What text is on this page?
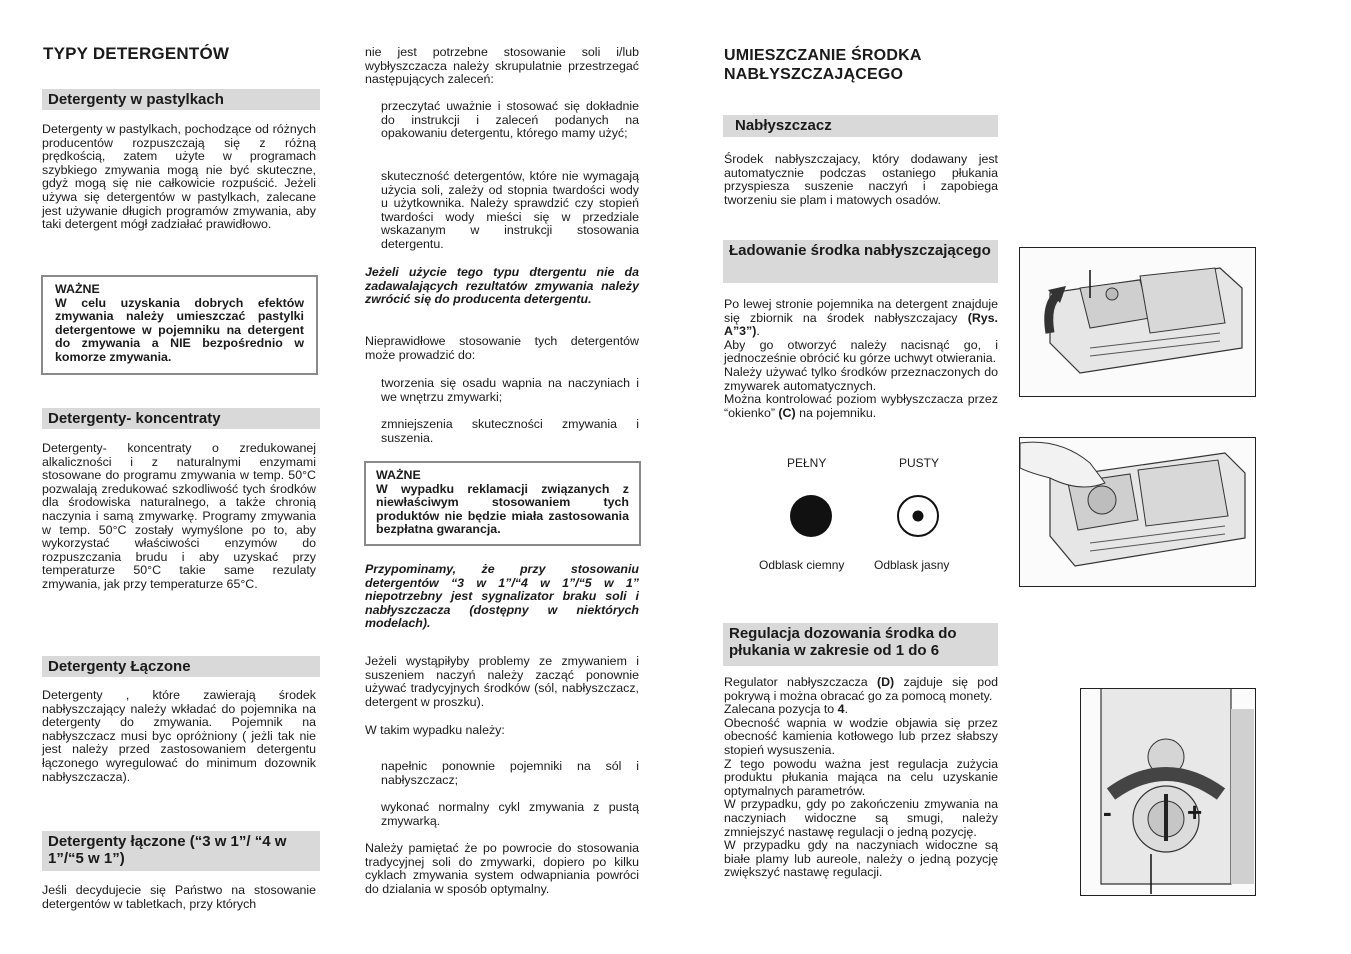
TYPY DETERGENTÓW
Detergenty w pastylkach

Detergenty w pastylkach, pochodzące od różnych producentów rozpuszczają się z różną prędkością, zatem użyte w programach szybkiego zmywania mogą nie być skuteczne, gdyż mogą się nie całkowicie rozpuścić. Jeżeli używa się detergentów w pastylkach, zalecane jest używanie długich programów zmywania, aby taki detergent mógł zadziałać prawidłowo.

WAŻNE
W celu uzyskania dobrych efektów zmywania należy umieszczać pastylki detergentowe w pojemniku na detergent do zmywania a NIE bezpośrednio w komorze zmywania.
Detergenty- koncentraty

Detergenty- koncentraty o zredukowanej alkaliczności i z naturalnymi enzymami stosowane do programu zmywania w temp. 50°C pozwalają zredukować szkodliwość tych środków dla środowiska naturalnego, a także chronią naczynia i samą zmywarkę. Programy zmywania w temp. 50°C zostały wymyślone po to, aby wykorzystać właściwości enzymów do rozpuszczania brudu i aby uzyskać przy temperaturze 50°C takie same rezulaty zmywania, jak przy temperaturze 65°C.

Detergenty Łączone

Detergenty , które zawierają środek nabłyszczający należy wkładać do pojemnika na detergenty do zmywania. Pojemnik na nabłyszczacz musi byc opróżniony ( jeżli tak nie jest należy przed zastosowaniem detergentu łączonego wyregulować do minimum dozownik nabłyszczacza).

Detergenty łączone (“3 w 1”/ “4 w 1”/“5 w 1”)

Jeśli decydujecie się Państwo na stosowanie detergentów w tabletkach, przy których

nie jest potrzebne stosowanie soli i/lub wybłyszczacza należy skrupulatnie przestrzegać następujących zaleceń:

przeczytać uważnie i stosować się dokładnie do instrukcji i zaleceń podanych na opakowaniu detergentu, którego mamy użyć;

skuteczność detergentów, które nie wymagają użycia soli, zależy od stopnia twardości wody u użytkownika. Należy sprawdzić czy stopień twardości wody mieści się w przedziale wskazanym w instrukcji stosowania detergentu.

Jeżeli użycie tego typu dtergentu nie da zadawalających rezultatów zmywania należy zwrócić się do producenta detergentu.

Nieprawidłowe stosowanie tych detergentów może prowadzić do:

tworzenia się osadu wapnia na naczyniach i we wnętrzu zmywarki;

zmniejszenia skuteczności zmywania i suszenia.

WAŻNE
W wypadku reklamacji związanych z niewłaściwym stosowaniem tych produktów nie będzie miała zastosowania bezpłatna gwarancja.

Przypominamy, że przy stosowaniu detergentów “3 w 1”/“4 w 1”/“5 w 1” niepotrzebny jest sygnalizator braku soli i nabłyszczacza (dostępny w niektórych modelach).

Jeżeli wystąpiłyby problemy ze zmywaniem i suszeniem naczyń należy zacząć ponownie używać tradycyjnych środków (sól, nabłyszczacz, detergent w proszku).

W takim wypadku należy:

napełnic ponownie pojemniki na sól i nabłyszczacz;

wykonać normalny cykl zmywania z pustą zmywarką.

Należy pamiętać że po powrocie do stosowania tradycyjnej soli do zmywarki, dopiero po kilku cyklach zmywania system odwapniania powróci do dzialania w sposób optymalny.

UMIESZCZANIE ŚRODKA
NABŁYSZCZAJĄCEGO
Nabłyszczacz

Środek nabłyszczajacy, który dodawany jest automatycznie podczas ostaniego płukania przyspiesza suszenie naczyń i zapobiega tworzeniu sie plam i matowych osadów.

Ładowanie środka nabłyszczającego

Po lewej stronie pojemnika na detergent znajduje się zbiornik na środek nabłyszczajacy (Rys. A”3”).

Aby go otworzyć należy nacisnąć go, i jednocześnie obrócić ku górze uchwyt otwierania.

Należy używać tylko środków przeznaczonych do zmywarek automatycznych.

Można kontrolować poziom wybłyszczacza przez “okienko” (C) na pojemniku.

PEŁNY	PUSTY
Odblask ciemny Odblask jasny
Regulacja dozowania środka do płukania w zakresie od 1 do 6

Regulator nabłyszczacza (D) zajduje się pod pokrywą i można obracać go za pomocą monety.

Zalecana pozycja to 4.

Obecność wapnia w wodzie objawia się przez obecność kamienia kotłowego lub przez słabszy stopień wysuszenia.

Z tego powodu ważna jest regulacja zużycia produktu płukania mająca na celu uzyskanie optymalnych parametrów.

W przypadku, gdy po zakończeniu zmywania na naczyniach widoczne są smugi, należy zmniejszyć nastawę regulacji o jedną pozycję.

W przypadku gdy na naczyniach widoczne są białe plamy lub aureole, należy o jedną pozycję zwiększyć nastawę regulacji.

-	+
